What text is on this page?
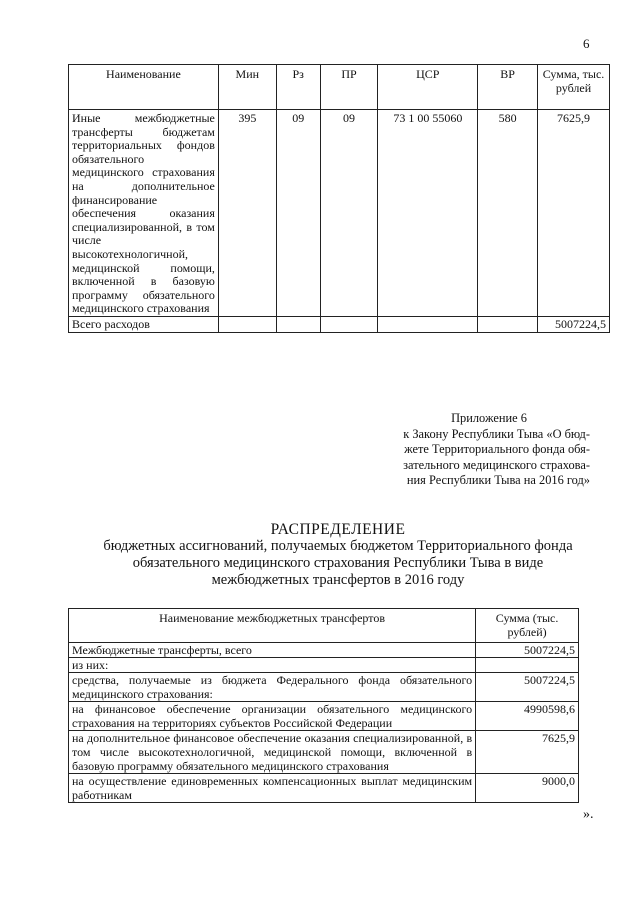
6
Наименование	Мин	Рз	ПР	ЦСР	ВР	Сумма, тыс. рублей
Иные межбюджетные трансферты бюджетам территориальных фондов обязательного медицинского страхования на дополнительное финансирование обеспечения оказания специализированной, в том числе высокотехнологичной, медицинской помощи, включенной в базовую программу обязательного медицинского страхования	395	09	09	73 1 00 55060	580	7625,9
Всего расходов						5007224,5
Приложение 6
к Закону Республики Тыва «О бюд-
жете Территориального фонда обя-
зательного медицинского страхова-
ния Республики Тыва на 2016 год»
РАСПРЕДЕЛЕНИЕ
бюджетных ассигнований, получаемых бюджетом Территориального фонда
обязательного медицинского страхования Республики Тыва в виде
межбюджетных трансфертов в 2016 году
Наименование межбюджетных трансфертов	Сумма (тыс. рублей)
Межбюджетные трансферты, всего	5007224,5
из них:	
средства, получаемые из бюджета Федерального фонда обязательного медицинского страхования:	5007224,5
на финансовое обеспечение организации обязательного медицинского страхования на территориях субъектов Российской Федерации	4990598,6
на дополнительное финансовое обеспечение оказания специализированной, в том числе высокотехнологичной, медицинской помощи, включенной в базовую программу обязательного медицинского страхования	7625,9
на осуществление единовременных компенсационных выплат медицинским работникам	9000,0
».
